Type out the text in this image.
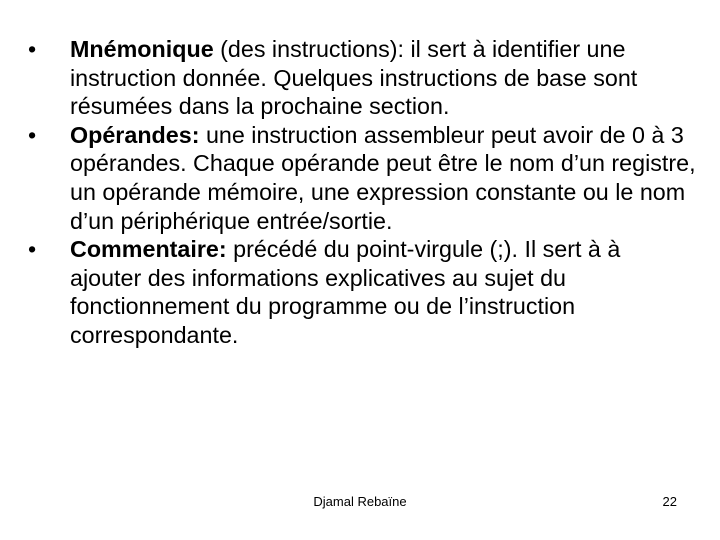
•	Mnémonique (des instructions): il sert à identifier une instruction donnée. Quelques instructions de base sont résumées dans la prochaine section.
•	Opérandes: une instruction assembleur peut avoir de 0 à 3 opérandes. Chaque opérande peut être le nom d’un registre, un opérande mémoire, une expression constante ou le nom d’un périphérique entrée/sortie.
•	Commentaire: précédé du point-virgule (;). Il sert à à ajouter des informations explicatives au sujet du fonctionnement du programme ou de l’instruction correspondante.
Djamal Rebaïne	22
